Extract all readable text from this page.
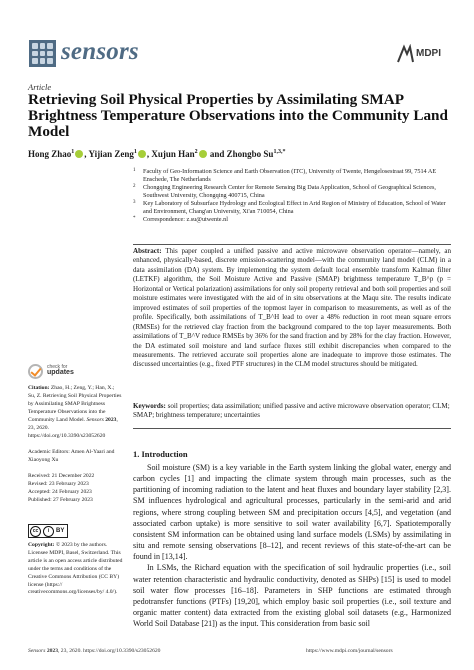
sensors	MDPI
Article
Retrieving Soil Physical Properties by Assimilating SMAP Brightness Temperature Observations into the Community Land Model
Hong Zhao$^1$ , Yijian Zeng$^1$ , Xujun Han$^2$ and Zhongbo $Su^{1,3,*}$
1 Faculty of Geo-Information Science and Earth Observation (ITC), University of Twente, Hengelosestraat 99, 7514 AE Enschede, The Netherlands
2 Chongqing Engineering Research Center for Remote Sensing Big Data Application, School of Geographical Sciences, Southwest University, Chongqing 400715, China
3 Key Laboratory of Subsurface Hydrology and Ecological Effect in Arid Region of Ministry of Education, School of Water and Environment, Chang'an University, Xi'an 710054, China
* Correspondence: z.su@utwente.nl
Abstract: This paper coupled a unified passive and active microwave observation operator—namely, an enhanced, physically-based, discrete emission-scattering model—with the community land model (CLM) in a data assimilation (DA) system. By implementing the system default local ensemble transform Kalman filter (LETKF) algorithm, the Soil Moisture Active and Passive (SMAP) brightness temperature T_B^p (p = Horizontal or Vertical polarization) assimilations for only soil property retrieval and both soil properties and soil moisture estimates were investigated with the aid of in situ observations at the Maqu site. The results indicate improved estimates of soil properties of the topmost layer in comparison to measurements, as well as of the profile. Specifically, both assimilations of T_B^H lead to over a 48% reduction in root mean square errors (RMSEs) for the retrieved clay fraction from the background compared to the top layer measurements. Both assimilations of T_B^V reduce RMSEs by 36% for the sand fraction and by 28% for the clay fraction. However, the DA estimated soil moisture and land surface fluxes still exhibit discrepancies when compared to the measurements. The retrieved accurate soil properties alone are inadequate to improve those estimates. The discussed uncertainties (e.g., fixed PTF structures) in the CLM model structures should be mitigated.
Keywords: soil properties; data assimilation; unified passive and active microwave observation operator; CLM; SMAP; brightness temperature; uncertainties
check for
updates
Citation: Zhao, H.; Zeng, Y.; Han, X.; Su, Z. Retrieving Soil Physical Properties by Assimilating SMAP Brightness Temperature Observations into the Community Land Model. Sensors 2023, 23, 2620. https://doi.org/10.3390/s23052620
Academic Editors: Amen Al-Yaari and Xiaoyong Xu
Received: 21 December 2022
Revised: 23 February 2023
Accepted: 24 February 2023
Published: 27 February 2023
cc	i	BY
Copyright: © 2023 by the authors. Licensee MDPI, Basel, Switzerland. This article is an open access article distributed under the terms and conditions of the Creative Commons Attribution (CC BY) license (https:// creativecommons.org/licenses/by/ 4.0/).
1. Introduction

Soil moisture (SM) is a key variable in the Earth system linking the global water, energy and carbon cycles [1] and impacting the climate system through main processes, such as the partitioning of incoming radiation to the latent and heat fluxes and boundary layer stability [2,3]. SM influences hydrological and agricultural processes, particularly in the semi-arid and arid regions, where strong coupling between SM and precipitation occurs [4,5], and vegetation (and associated carbon uptake) is more sensitive to soil water availability [6,7]. Spatiotemporally consistent SM information can be obtained using land surface models (LSMs) by assimilating in situ and remote sensing observations [8–12], and recent reviews of this state-of-the-art can be found in [13,14].

In LSMs, the Richard equation with the specification of soil hydraulic properties (i.e., soil water retention characteristic and hydraulic conductivity, denoted as SHPs) [15] is used to model soil water flow processes [16–18]. Parameters in SHP functions are estimated through pedotransfer functions (PTFs) [19,20], which employ basic soil properties (i.e., soil texture and organic matter content) data extracted from the existing global soil datasets (e.g., Harmonized World Soil Database [21]) as the input. This consideration from basic soil

Sensors 2023, 23, 2620. https://doi.org/10.3390/s23052620	https://www.mdpi.com/journal/sensors
